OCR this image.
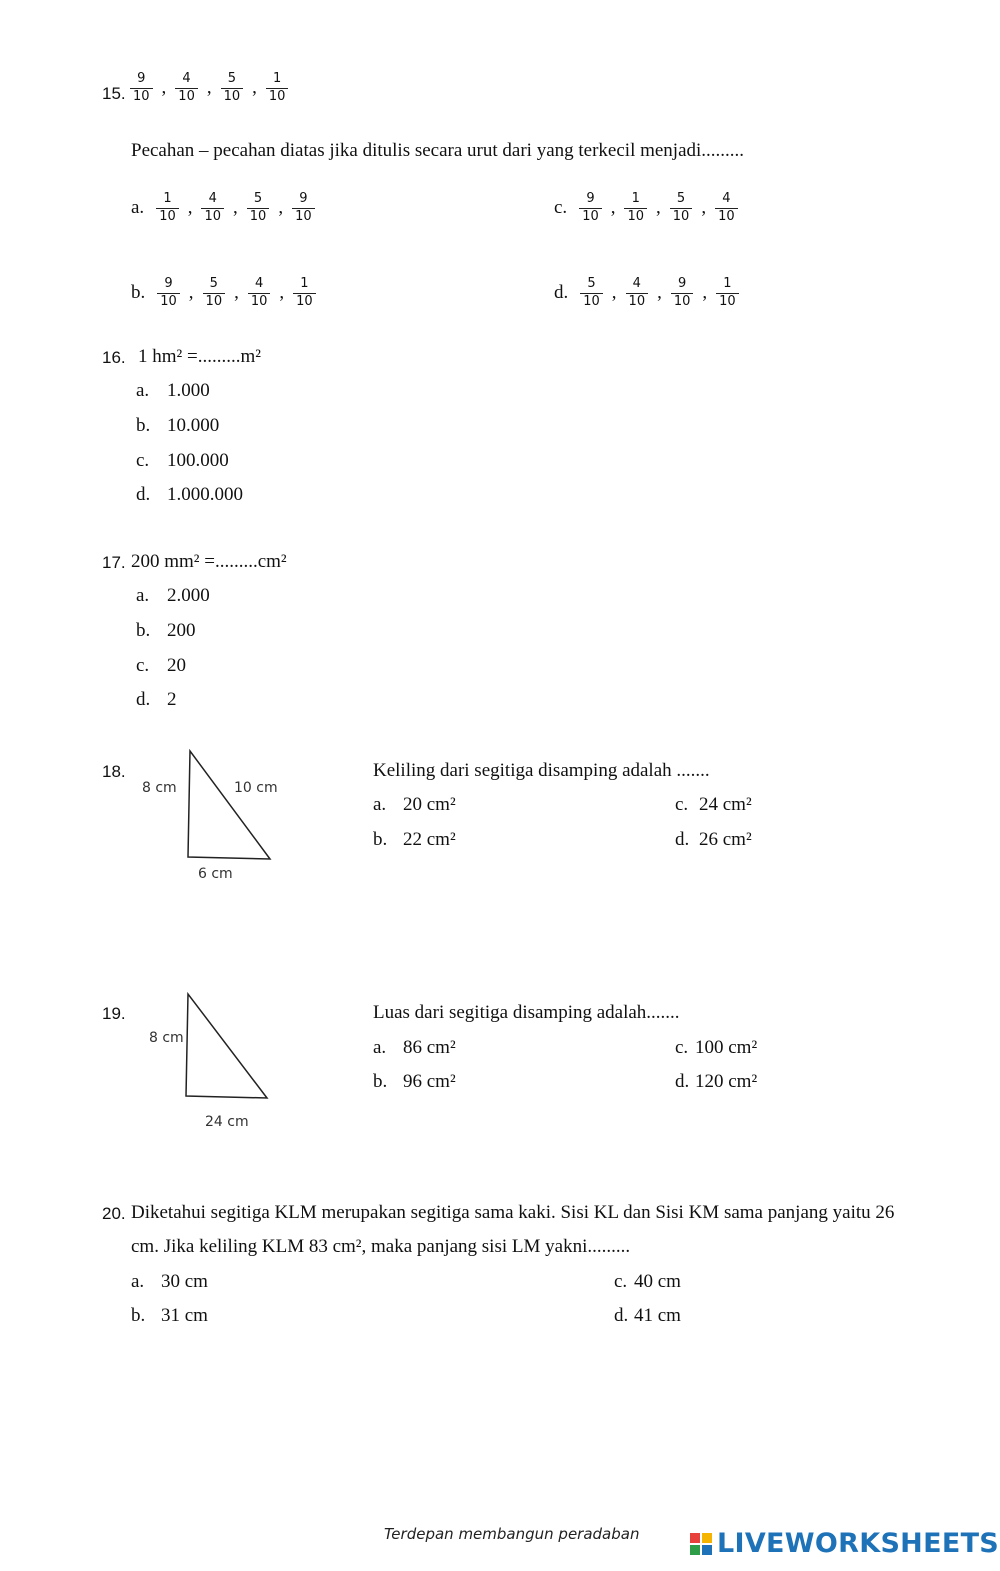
15. $\frac{9}{10}$ , $\frac{4}{10}$ , $\frac{5}{10}$ , $\frac{1}{10}$
Pecahan – pecahan diatas jika ditulis secara urut dari yang terkecil menjadi.........
a. $\frac{1}{10}$ , $\frac{4}{10}$ , $\frac{5}{10}$ , $\frac{9}{10}$
b. $\frac{9}{10}$ , $\frac{5}{10}$ , $\frac{4}{10}$ , $\frac{1}{10}$
c. $\frac{9}{10}$ , $\frac{1}{10}$ , $\frac{5}{10}$ , $\frac{4}{10}$
d. $\frac{5}{10}$ , $\frac{4}{10}$ , $\frac{9}{10}$ , $\frac{1}{10}$
16. 1 hm² =.........m²
a. 1.000
b. 10.000
c. 100.000
d. 1.000.000
17. 200 mm² =.........cm²
a. 2.000
b. 200
c. 20
d. 2
18.
8 cm	10 cm
6 cm
Keliling dari segitiga disamping adalah .......
a. 20 cm²
b. 22 cm²
c. 24 cm²
d. 26 cm²
19.
8 cm
24 cm
Luas dari segitiga disamping adalah.......
a. 86 cm²
b. 96 cm²
c. 100 cm²
d. 120 cm²
20. Diketahui segitiga KLM merupakan segitiga sama kaki. Sisi KL dan Sisi KM sama panjang yaitu 26
cm. Jika keliling KLM 83 cm², maka panjang sisi LM yakni.........
a. 30 cm
b. 31 cm
c. 40 cm
d. 41 cm
Terdepan membangun peradaban	LIVEWORKSHEETS
